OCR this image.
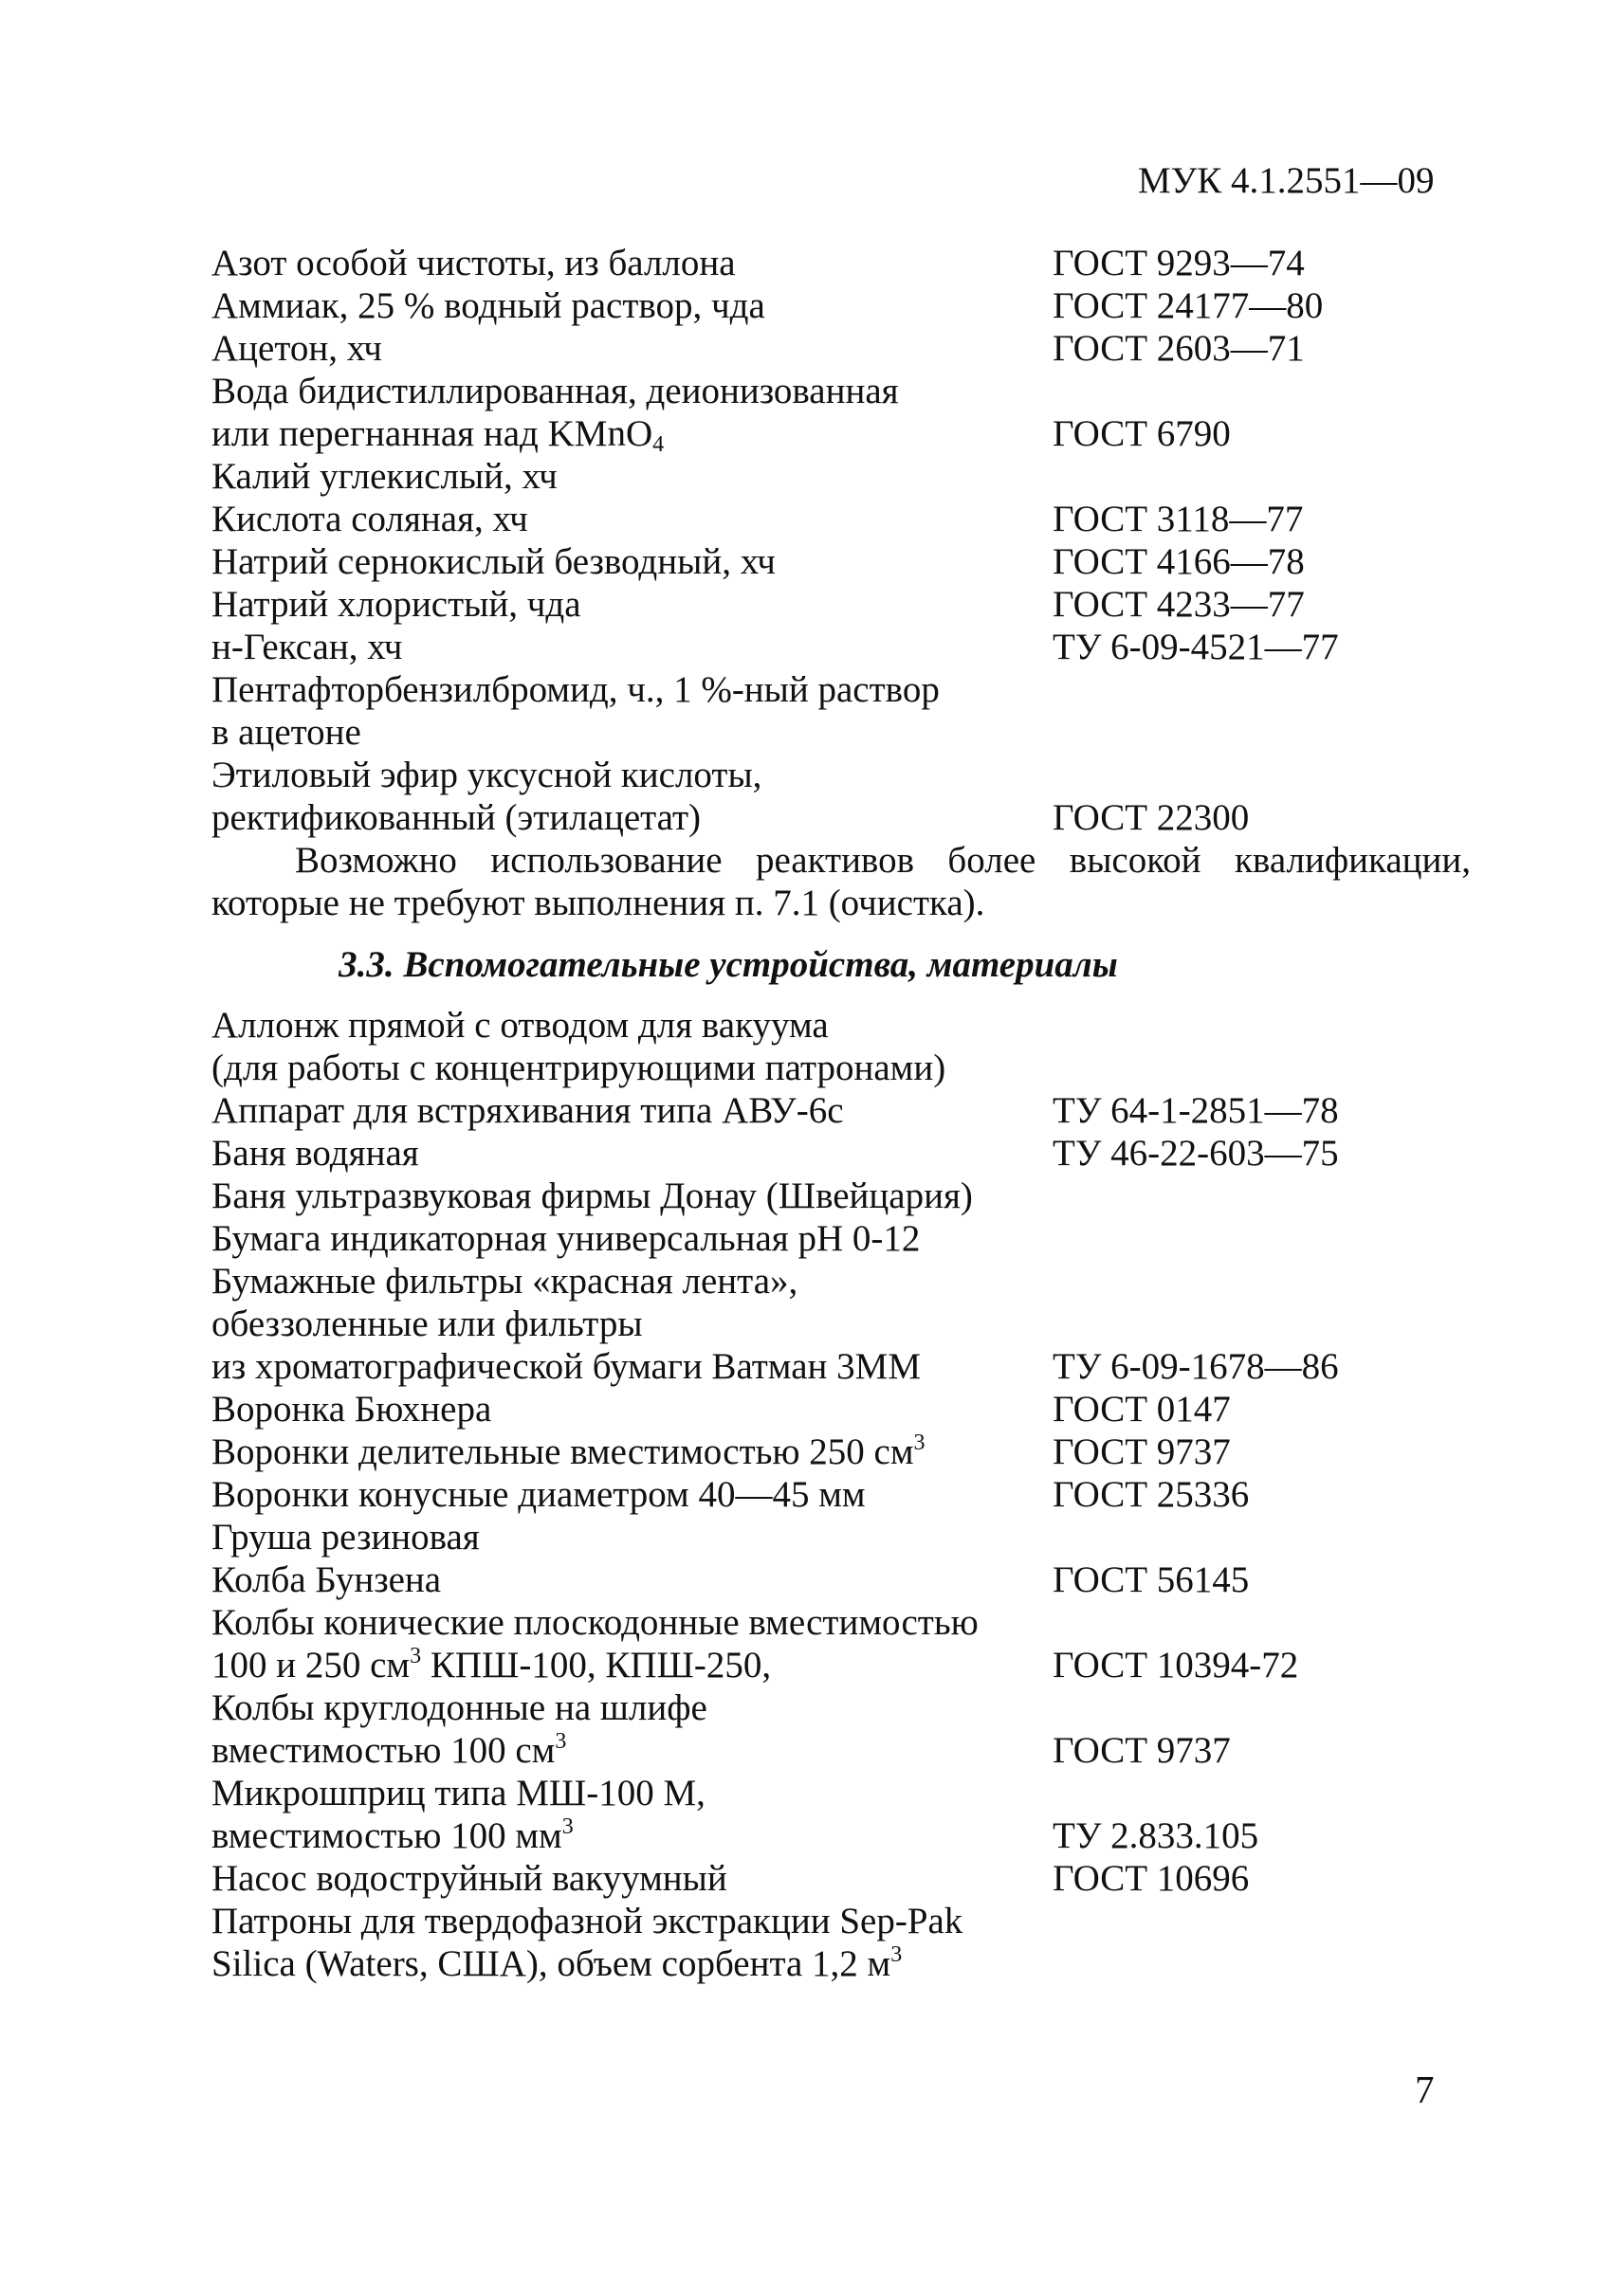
МУК 4.1.2551—09
Азот особой чистоты, из баллона	ГОСТ 9293—74
Аммиак, 25 % водный раствор, чда	ГОСТ 24177—80
Ацетон, хч	ГОСТ 2603—71
Вода бидистиллированная, деионизованная
или перегнанная над KMnO$_4$	ГОСТ 6790
Калий углекислый, хч
Кислота соляная, хч	ГОСТ 3118—77
Натрий сернокислый безводный, хч	ГОСТ 4166—78
Натрий хлористый, чда	ГОСТ 4233—77
н-Гексан, хч	ТУ 6-09-4521—77
Пентафторбензилбромид, ч., 1 %-ный раствор
в ацетоне
Этиловый эфир уксусной кислоты,
ректификованный (этилацетат)	ГОСТ 22300

Возможно использование реактивов более высокой квалификации, которые не требуют выполнения п. 7.1 (очистка).

3.3. Вспомогательные устройства, материалы
Аллонж прямой с отводом для вакуума
(для работы с концентрирующими патронами)
Аппарат для встряхивания типа АВУ-6с	ТУ 64-1-2851—78
Баня водяная	ТУ 46-22-603—75
Баня ультразвуковая фирмы Донау (Швейцария)
Бумага индикаторная универсальная рН 0-12
Бумажные фильтры «красная лента»,
обеззоленные или фильтры
из хроматографической бумаги Ватман 3ММ	ТУ 6-09-1678—86
Воронка Бюхнера	ГОСТ 0147
Воронки делительные вместимостью 250 $см^3$	ГОСТ 9737
Воронки конусные диаметром 40—45 мм	ГОСТ 25336
Груша резиновая
Колба Бунзена	ГОСТ 56145
Колбы конические плоскодонные вместимостью
100 и 250 $см^3$ КПШ-100, КПШ-250,	ГОСТ 10394-72
Колбы круглодонные на шлифе
вместимостью 100 $см^3$	ГОСТ 9737
Микрошприц типа МШ-100 М,
вместимостью 100 $мм^3$	ТУ 2.833.105
Насос водоструйный вакуумный	ГОСТ 10696
Патроны для твердофазной экстракции Sep-Pak
Silica (Waters, США), объем сорбента 1,2 $м^3$
7
